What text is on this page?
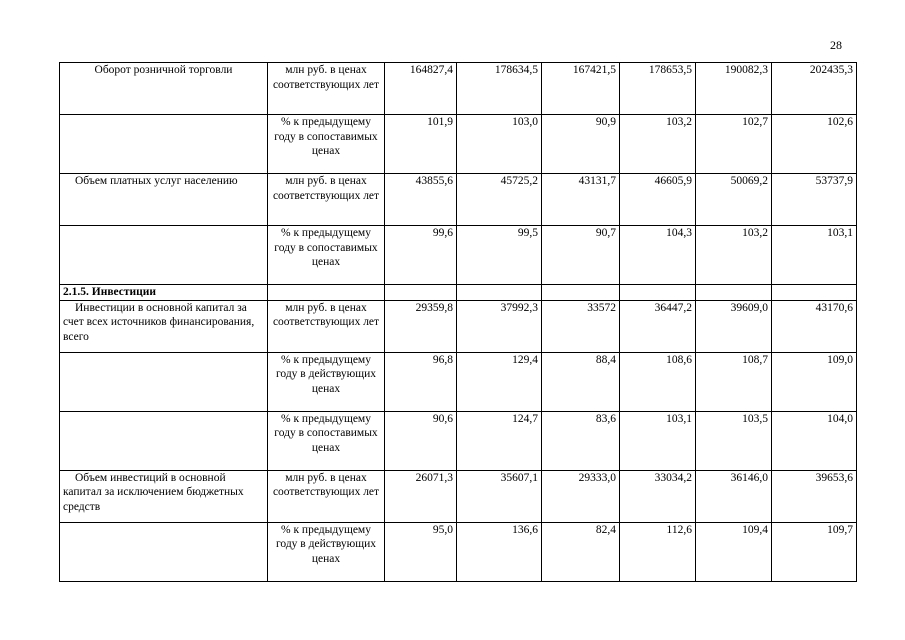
28
Оборот розничной торговли	млн руб. в ценах соответствующих лет	164827,4	178634,5	167421,5	178653,5	190082,3	202435,3

	% к предыдущему году в сопоставимых ценах	101,9	103,0	90,9	103,2	102,7	102,6

Объем платных услуг населению	млн руб. в ценах соответствующих лет	43855,6	45725,2	43131,7	46605,9	50069,2	53737,9

	% к предыдущему году в сопоставимых ценах	99,6	99,5	90,7	104,3	103,2	103,1
2.1.5. Инвестиции							

Инвестиции в основной капитал за счет всех источников финансирования, всего	млн руб. в ценах соответствующих лет	29359,8	37992,3	33572	36447,2	39609,0	43170,6

	% к предыдущему году в действующих ценах	96,8	129,4	88,4	108,6	108,7	109,0

	% к предыдущему году в сопоставимых ценах	90,6	124,7	83,6	103,1	103,5	104,0

Объем инвестиций в основной капитал за исключением бюджетных средств	млн руб. в ценах соответствующих лет	26071,3	35607,1	29333,0	33034,2	36146,0	39653,6

	% к предыдущему году в действующих ценах	95,0	136,6	82,4	112,6	109,4	109,7
